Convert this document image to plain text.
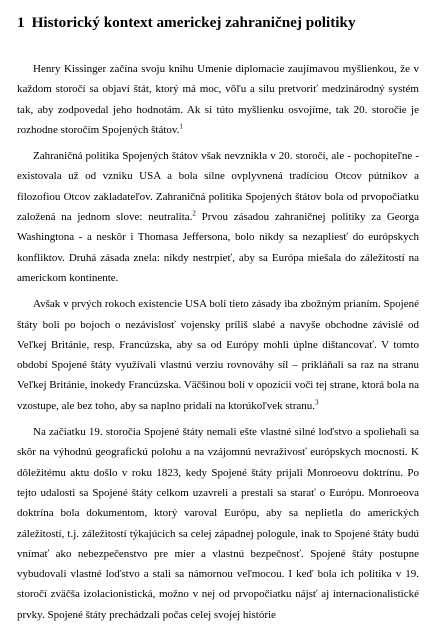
1 Historický kontext americkej zahraničnej politiky

Henry Kissinger začína svoju knihu Umenie diplomacie zaujímavou myšlienkou, že v každom storočí sa objaví štát, ktorý má moc, vôľu a silu pretvoriť medzinárodný systém tak, aby zodpovedal jeho hodnotám. Ak si túto myšlienku osvojíme, tak 20. storočie je rozhodne storočím Spojených štátov.$^1$

Zahraničná politika Spojených štátov však nevznikla v 20. storočí, ale - pochopiteľne - existovala už od vzniku USA a bola silne ovplyvnená tradíciou Otcov pútnikov a filozofiou Otcov zakladateľov. Zahraničná politika Spojených štátov bola od prvopočiatku založená na jednom slove: neutralita.$^2$ Prvou zásadou zahraničnej politiky za Georga Washingtona - a neskôr i Thomasa Jeffersona, bolo nikdy sa nezapliesť do európskych konfliktov. Druhá zásada znela: nikdy nestrpieť, aby sa Európa miešala do záležitostí na americkom kontinente.

Avšak v prvých rokoch existencie USA boli tieto zásady iba zbožným prianím. Spojené štáty boli po bojoch o nezávislosť vojensky príliš slabé a navyše obchodne závislé od Veľkej Británie, resp. Francúzska, aby sa od Európy mohli úplne dištancovať. V tomto období Spojené štáty využívali vlastnú verziu rovnováhy síl – prikláňali sa raz na stranu Veľkej Británie, inokedy Francúzska. Väčšinou boli v opozícii voči tej strane, ktorá bola na vzostupe, ale bez toho, aby sa naplno pridali na ktorúkoľvek stranu.$^3$

Na začiatku 19. storočia Spojené štáty nemali ešte vlastné silné loďstvo a spoliehali sa skôr na výhodnú geografickú polohu a na vzájomnú nevraživosť európskych mocností. K dôležitému aktu došlo v roku 1823, kedy Spojené štáty prijali Monroeovu doktrínu. Po tejto udalosti sa Spojené štáty celkom uzavreli a prestali sa starať o Európu. Monroeova doktrína bola dokumentom, ktorý varoval Európu, aby sa neplietla do amerických záležitostí, t.j. záležitostí týkajúcich sa celej západnej pologule, inak to Spojené štáty budú vnímať ako nebezpečenstvo pre mier a vlastnú bezpečnosť. Spojené štáty postupne vybudovali vlastné loďstvo a stali sa námornou veľmocou. I keď bola ich politika v 19. storočí zväčša izolacionistická, možno v nej od prvopočiatku nájsť aj internacionalistické prvky. Spojené štáty prechádzali počas celej svojej histórie
